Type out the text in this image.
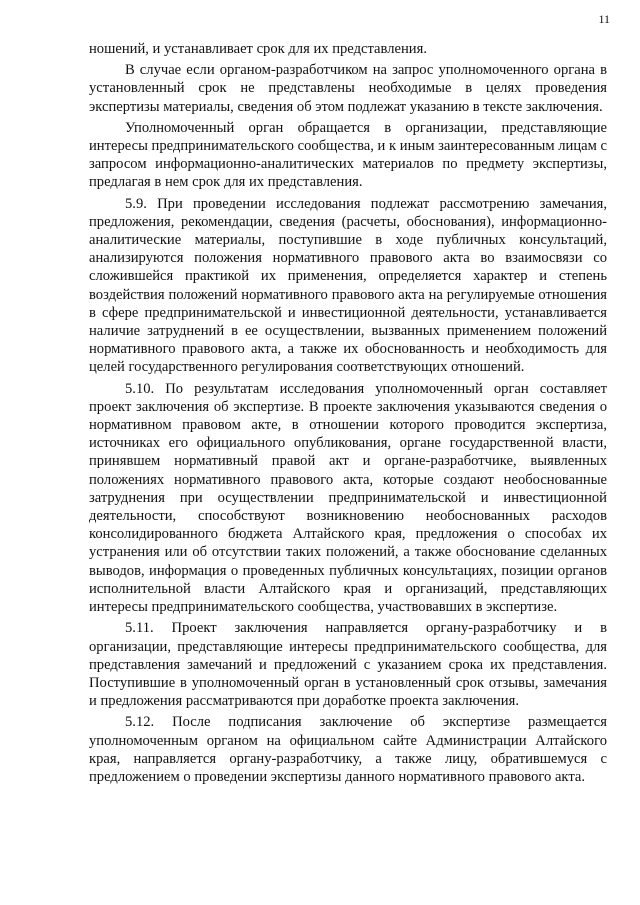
11

ношений, и устанавливает срок для их представления.

В случае если органом-разработчиком на запрос уполномоченного органа в установленный срок не представлены необходимые в целях проведения экспертизы материалы, сведения об этом подлежат указанию в тексте заключения.

Уполномоченный орган обращается в организации, представляющие интересы предпринимательского сообщества, и к иным заинтересованным лицам с запросом информационно-аналитических материалов по предмету экспертизы, предлагая в нем срок для их представления.

5.9. При проведении исследования подлежат рассмотрению замечания, предложения, рекомендации, сведения (расчеты, обоснования), информационно-аналитические материалы, поступившие в ходе публичных консультаций, анализируются положения нормативного правового акта во взаимосвязи со сложившейся практикой их применения, определяется характер и степень воздействия положений нормативного правового акта на регулируемые отношения в сфере предпринимательской и инвестиционной деятельности, устанавливается наличие затруднений в ее осуществлении, вызванных применением положений нормативного правового акта, а также их обоснованность и необходимость для целей государственного регулирования соответствующих отношений.

5.10. По результатам исследования уполномоченный орган составляет проект заключения об экспертизе. В проекте заключения указываются сведения о нормативном правовом акте, в отношении которого проводится экспертиза, источниках его официального опубликования, органе государственной власти, принявшем нормативный правой акт и органе-разработчике, выявленных положениях нормативного правового акта, которые создают необоснованные затруднения при осуществлении предпринимательской и инвестиционной деятельности, способствуют возникновению необоснованных расходов консолидированного бюджета Алтайского края, предложения о способах их устранения или об отсутствии таких положений, а также обоснование сделанных выводов, информация о проведенных публичных консультациях, позиции органов исполнительной власти Алтайского края и организаций, представляющих интересы предпринимательского сообщества, участвовавших в экспертизе.

5.11. Проект заключения направляется органу-разработчику и в организации, представляющие интересы предпринимательского сообщества, для представления замечаний и предложений с указанием срока их представления. Поступившие в уполномоченный орган в установленный срок отзывы, замечания и предложения рассматриваются при доработке проекта заключения.

5.12. После подписания заключение об экспертизе размещается уполномоченным органом на официальном сайте Администрации Алтайского края, направляется органу-разработчику, а также лицу, обратившемуся с предложением о проведении экспертизы данного нормативного правового акта.
